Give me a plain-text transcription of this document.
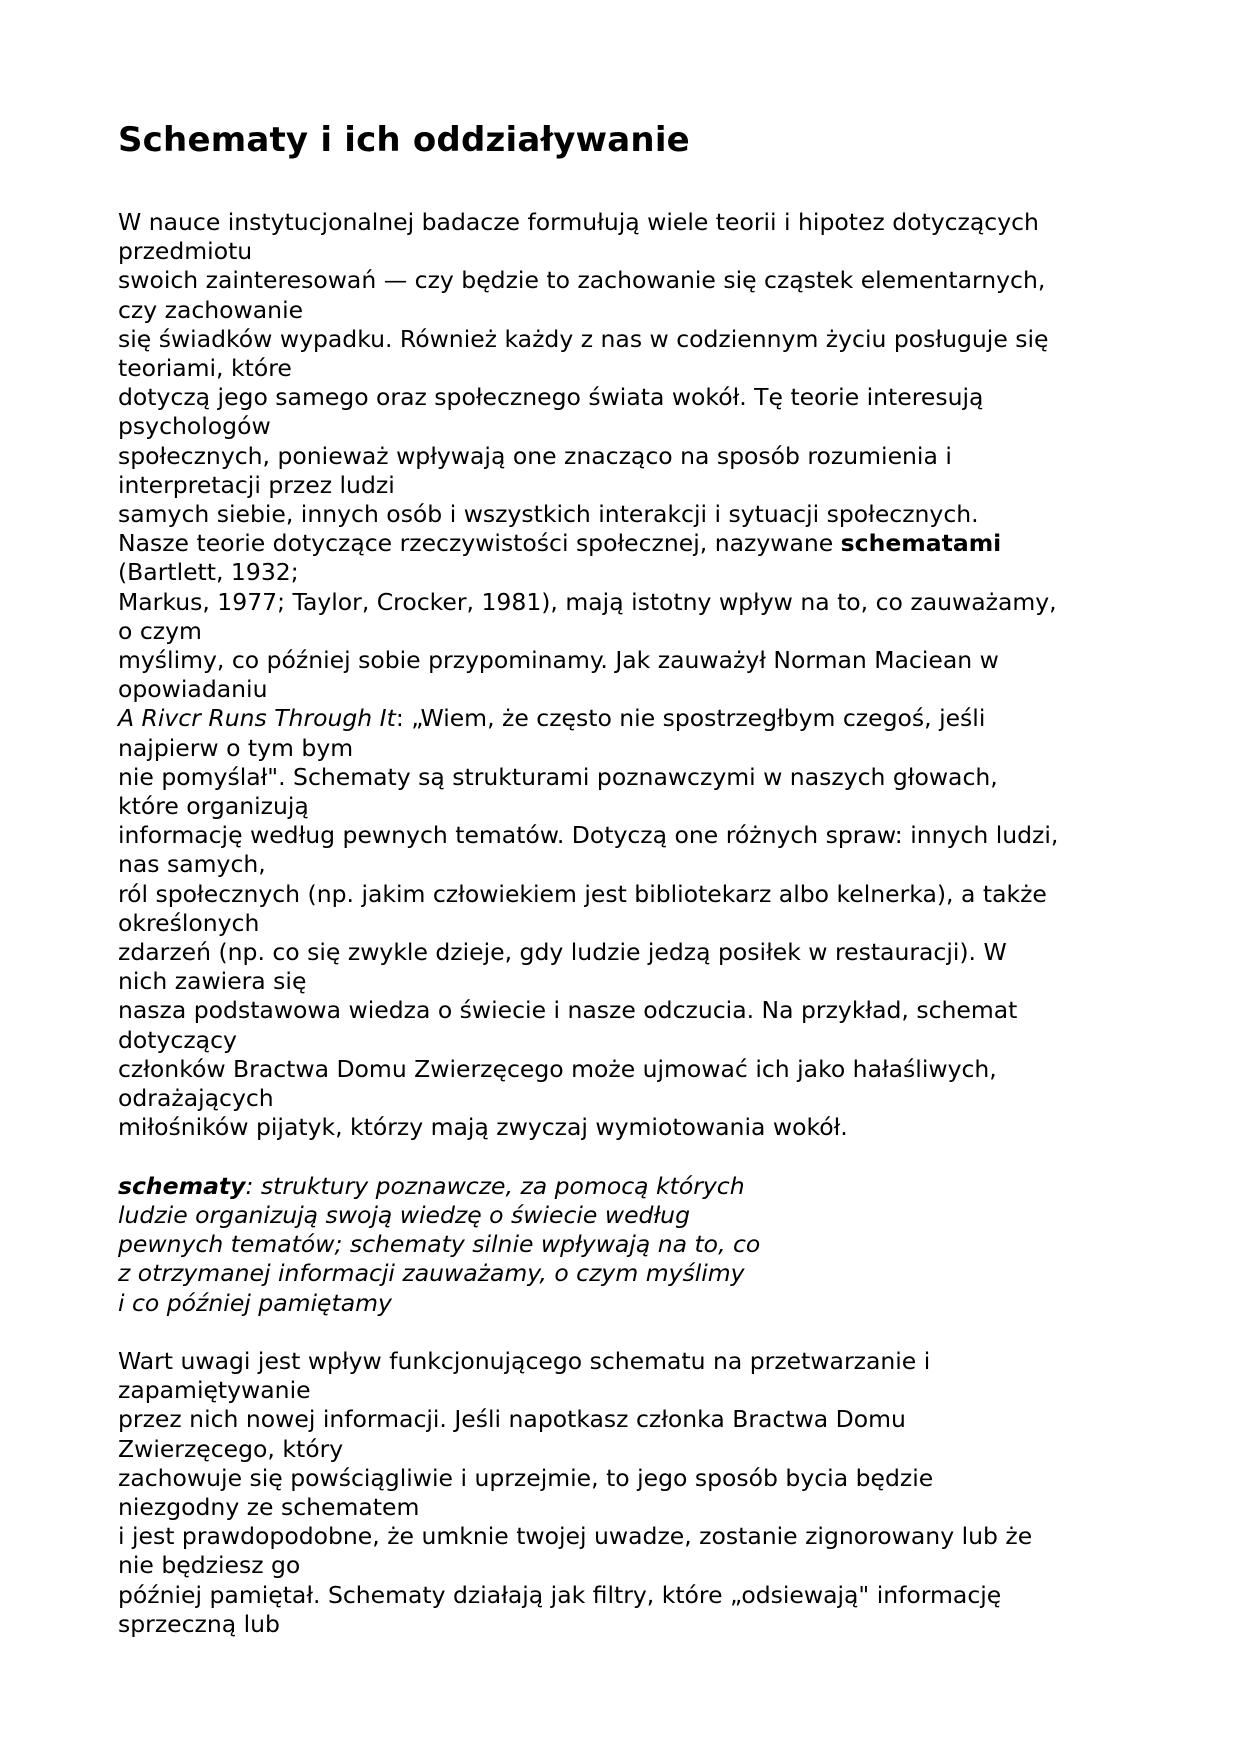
Schematy i ich oddziaływanie
W nauce instytucjonalnej badacze formułują wiele teorii i hipotez dotyczących
przedmiotu
swoich zainteresowań — czy będzie to zachowanie się cząstek elementarnych,
czy zachowanie
się świadków wypadku. Również każdy z nas w codziennym życiu posługuje się
teoriami, które
dotyczą jego samego oraz społecznego świata wokół. Tę teorie interesują
psychologów
społecznych, ponieważ wpływają one znacząco na sposób rozumienia i
interpretacji przez ludzi
samych siebie, innych osób i wszystkich interakcji i sytuacji społecznych.
Nasze teorie dotyczące rzeczywistości społecznej, nazywane schematami
(Bartlett, 1932;
Markus, 1977; Taylor, Crocker, 1981), mają istotny wpływ na to, co zauważamy,
o czym
myślimy, co później sobie przypominamy. Jak zauważył Norman Maciean w
opowiadaniu
A Rivcr Runs Through It: „Wiem, że często nie spostrzegłbym czegoś, jeśli
najpierw o tym bym
nie pomyślał". Schematy są strukturami poznawczymi w naszych głowach,
które organizują
informację według pewnych tematów. Dotyczą one różnych spraw: innych ludzi,
nas samych,
ról społecznych (np. jakim człowiekiem jest bibliotekarz albo kelnerka), a także
określonych
zdarzeń (np. co się zwykle dzieje, gdy ludzie jedzą posiłek w restauracji). W
nich zawiera się
nasza podstawowa wiedza o świecie i nasze odczucia. Na przykład, schemat
dotyczący
członków Bractwa Domu Zwierzęcego może ujmować ich jako hałaśliwych,
odrażających
miłośników pijatyk, którzy mają zwyczaj wymiotowania wokół.
schematy: struktury poznawcze, za pomocą których
ludzie organizują swoją wiedzę o świecie według
pewnych tematów; schematy silnie wpływają na to, co
z otrzymanej informacji zauważamy, o czym myślimy
i co później pamiętamy
Wart uwagi jest wpływ funkcjonującego schematu na przetwarzanie i
zapamiętywanie
przez nich nowej informacji. Jeśli napotkasz członka Bractwa Domu
Zwierzęcego, który
zachowuje się powściągliwie i uprzejmie, to jego sposób bycia będzie
niezgodny ze schematem
i jest prawdopodobne, że umknie twojej uwadze, zostanie zignorowany lub że
nie będziesz go
później pamiętał. Schematy działają jak filtry, które „odsiewają" informację
sprzeczną lub
